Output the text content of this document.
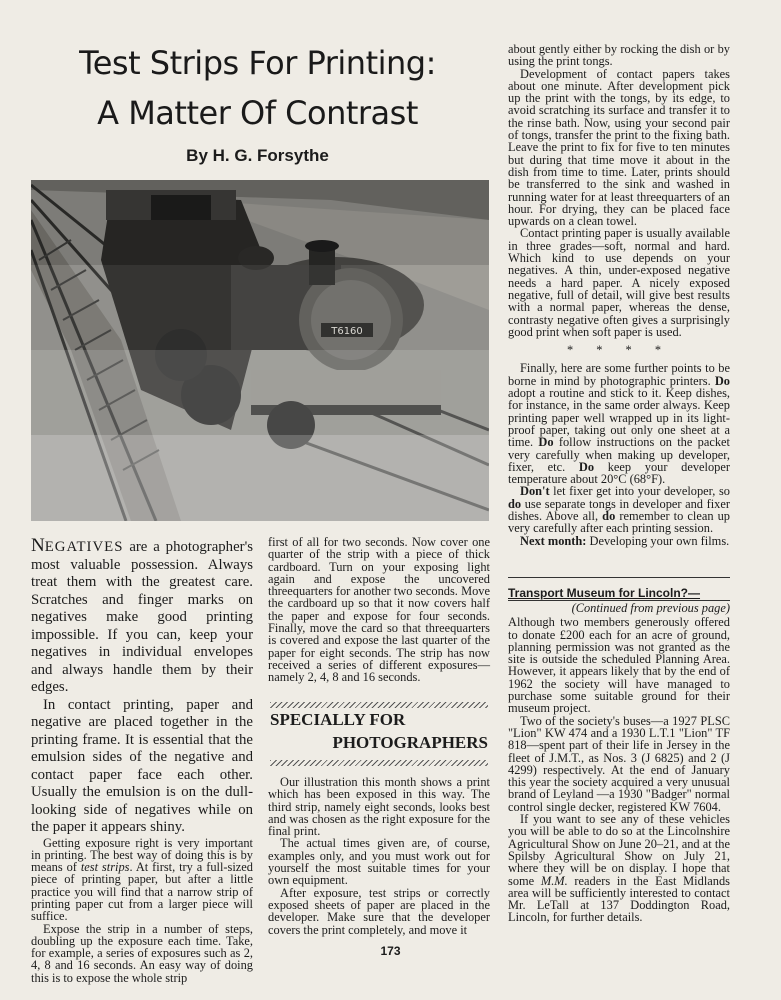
Test Strips For Printing:
A Matter Of Contrast

By H. G. Forsythe

T6160

NEGATIVES are a photographer's most valuable possession. Always treat them with the greatest care. Scratches and finger marks on negatives make good printing impossible. If you can, keep your negatives in individual envelopes and always handle them by their edges.

In contact printing, paper and negative are placed together in the printing frame. It is essential that the emulsion sides of the negative and contact paper face each other. Usually the emulsion is on the dull-looking side of negatives while on the paper it appears shiny.

Getting exposure right is very important in printing. The best way of doing this is by means of test strips. At first, try a full-sized piece of printing paper, but after a little practice you will find that a narrow strip of printing paper cut from a larger piece will suffice.

Expose the strip in a number of steps, doubling up the exposure each time. Take, for example, a series of exposures such as 2, 4, 8 and 16 seconds. An easy way of doing this is to expose the whole strip

first of all for two seconds. Now cover one quarter of the strip with a piece of thick cardboard. Turn on your exposing light again and expose the uncovered threequarters for another two seconds. Move the cardboard up so that it now covers half the paper and expose for four seconds. Finally, move the card so that threequarters is covered and expose the last quarter of the paper for eight seconds. The strip has now received a series of different exposures—namely 2, 4, 8 and 16 seconds.

SPECIALLY FOR

PHOTOGRAPHERS

Our illustration this month shows a print which has been exposed in this way. The third strip, namely eight seconds, looks best and was chosen as the right exposure for the final print.

The actual times given are, of course, examples only, and you must work out for yourself the most suitable times for your own equipment.

After exposure, test strips or correctly exposed sheets of paper are placed in the developer. Make sure that the developer covers the print completely, and move it

about gently either by rocking the dish or by using the print tongs.

Development of contact papers takes about one minute. After development pick up the print with the tongs, by its edge, to avoid scratching its surface and transfer it to the rinse bath. Now, using your second pair of tongs, transfer the print to the fixing bath. Leave the print to fix for five to ten minutes but during that time move it about in the dish from time to time. Later, prints should be transferred to the sink and washed in running water for at least threequarters of an hour. For drying, they can be placed face upwards on a clean towel.

Contact printing paper is usually available in three grades—soft, normal and hard. Which kind to use depends on your negatives. A thin, under-exposed negative needs a hard paper. A nicely exposed negative, full of detail, will give best results with a normal paper, whereas the dense, contrasty negative often gives a surprisingly good print when soft paper is used.

* * * *

Finally, here are some further points to be borne in mind by photographic printers. Do adopt a routine and stick to it. Keep dishes, for instance, in the same order always. Keep printing paper well wrapped up in its light-proof paper, taking out only one sheet at a time. Do follow instructions on the packet very carefully when making up developer, fixer, etc. Do keep your developer temperature about 20°C (68°F).

Don't let fixer get into your developer, so do use separate tongs in developer and fixer dishes. Above all, do remember to clean up very carefully after each printing session.

Next month: Developing your own films.

Transport Museum for Lincoln?—

(Continued from previous page)

Although two members generously offered to donate £200 each for an acre of ground, planning permission was not granted as the site is outside the scheduled Planning Area. However, it appears likely that by the end of 1962 the society will have managed to purchase some suitable ground for their museum project.

Two of the society's buses—a 1927 PLSC "Lion" KW 474 and a 1930 L.T.1 "Lion" TF 818—spent part of their life in Jersey in the fleet of J.M.T., as Nos. 3 (J 6825) and 2 (J 4299) respectively. At the end of January this year the society acquired a very unusual brand of Leyland —a 1930 "Badger" normal control single decker, registered KW 7604.

If you want to see any of these vehicles you will be able to do so at the Lincolnshire Agricultural Show on June 20–21, and at the Spilsby Agricultural Show on July 21, where they will be on display. I hope that some M.M. readers in the East Midlands area will be sufficiently interested to contact Mr. LeTall at 137 Doddington Road, Lincoln, for further details.

173
